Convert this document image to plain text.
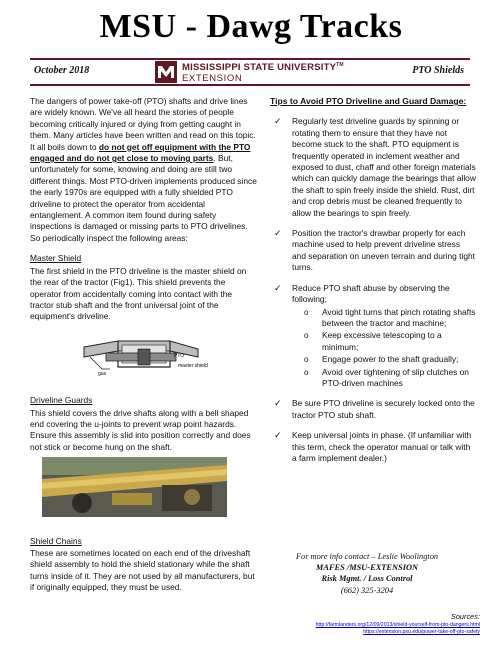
MSU - Dawg Tracks
October 2018	MISSISSIPPI STATE UNIVERSITY™
EXTENSION
PTO Shields

The dangers of power take-off (PTO) shafts and drive lines are widely known. We've all heard the stories of people becoming critically injured or dying from getting caught in them. Many articles have been written and read on this topic. It all boils down to do not get off equipment with the PTO engaged and do not get close to moving parts. But, unfortunately for some, knowing and doing are still two different things. Most PTO-driven implements produced since the early 1970s are equipped with a fully shielded PTO driveline to protect the operator from accidental entanglement. A common item found during safety inspections is damaged or missing parts to PTO drivelines. So periodically inspect the following areas:

Master Shield
The first shield in the PTO driveline is the master shield on the rear of the tractor (Fig1). This shield prevents the operator from accidentally coming into contact with the tractor stub shaft and the front universal joint of the equipment's driveline.
master shield
PTO
gus
Driveline Guards
This shield covers the drive shafts along with a bell shaped end covering the u-joints to prevent wrap point hazards. Ensure this assembly is slid into position correctly and does not stick or become hung on the shaft.
Shield Chains
These are sometimes located on each end of the driveshaft shield assembly to hold the shield stationary while the shaft turns inside of it. They are not used by all manufacturers, but if originally equipped, they must be used.
Tips to Avoid PTO Driveline and Guard Damage:
✓ Regularly test driveline guards by spinning or rotating them to ensure that they have not become stuck to the shaft. PTO equipment is frequently operated in inclement weather and exposed to dust, chaff and other foreign materials which can quickly damage the bearings that allow the shaft to spin freely inside the shield. Rust, dirt and crop debris must be cleaned frequently to allow the bearings to spin freely.
✓ Position the tractor's drawbar properly for each machine used to help prevent driveline stress and separation on uneven terrain and during tight turns.
✓ Reduce PTO shaft abuse by observing the following;
o Avoid tight turns that pinch rotating shafts between the tractor and machine;
o Keep excessive telescoping to a minimum;
o Engage power to the shaft gradually;
o Avoid over tightening of slip clutches on PTO-driven machines
✓ Be sure PTO driveline is securely locked onto the tractor PTO stub shaft.
✓ Keep universal joints in phase. (If unfamiliar with this term, check the operator manual or talk with a farm implement dealer.)
For more info contact – Leslie Woolington
MAFES /MSU-EXTENSION
Risk Mgmt. / Loss Control
(662) 325-3204
Sources:
http://farmlanders.org/12/09/2013/shield-yourself-from-pto-dangers.html
https://extension.psu.edu/power-take-off-pto-safety
